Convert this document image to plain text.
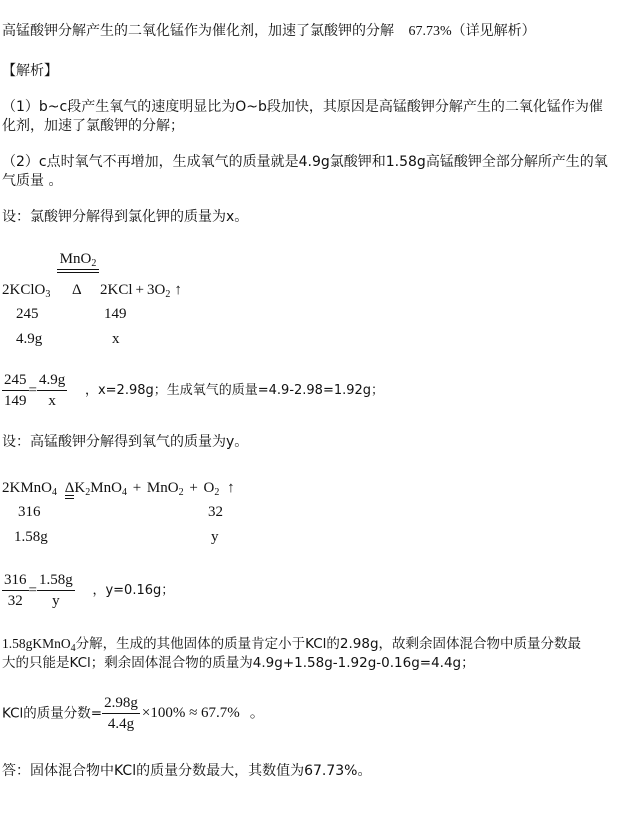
高锰酸钾分解产生的二氧化锰作为催化剂，加速了氯酸钾的分解 67.73%（详见解析）
【解析】
（1）b~c段产生氧气的速度明显比为O~b段加快，其原因是高锰酸钾分解产生的二氧化锰作为催
化剂，加速了氯酸钾的分解；
（2）c点时氧气不再增加，生成氧气的质量就是4.9g氯酸钾和1.58g高锰酸钾全部分解所产生的氧
气质量 。
设：氯酸钾分解得到氯化钾的质量为x。
MnO$_2$
2KClO$_3$ Δ $2KCl + 3O_2$ ↑
245	149
4.9g	x
$\frac{245}{149} = \frac{4.9g}{x}$ ，x=2.98g；生成氧气的质量=4.9-2.98=1.92g；
设：高锰酸钾分解得到氧气的质量为y。
2KMnO$_4$ Δ
$K_2MnO_4 + MnO_2 + O_2$ ↑
316	32
1.58g	y
$\frac{316}{32} = \frac{1.58g}{y}$ ，y=0.16g；
1.58gKMnO$_4$分解，生成的其他固体的质量肯定小于KCl的2.98g，故剩余固体混合物中质量分数最
大的只能是KCl；剩余固体混合物的质量为4.9g+1.58g-1.92g-0.16g=4.4g；
KCl的质量分数= $\frac{2.98g}{4.4g} \times 100\% \approx 67.7\%$ 。
答：固体混合物中KCl的质量分数最大，其数值为67.73%。
